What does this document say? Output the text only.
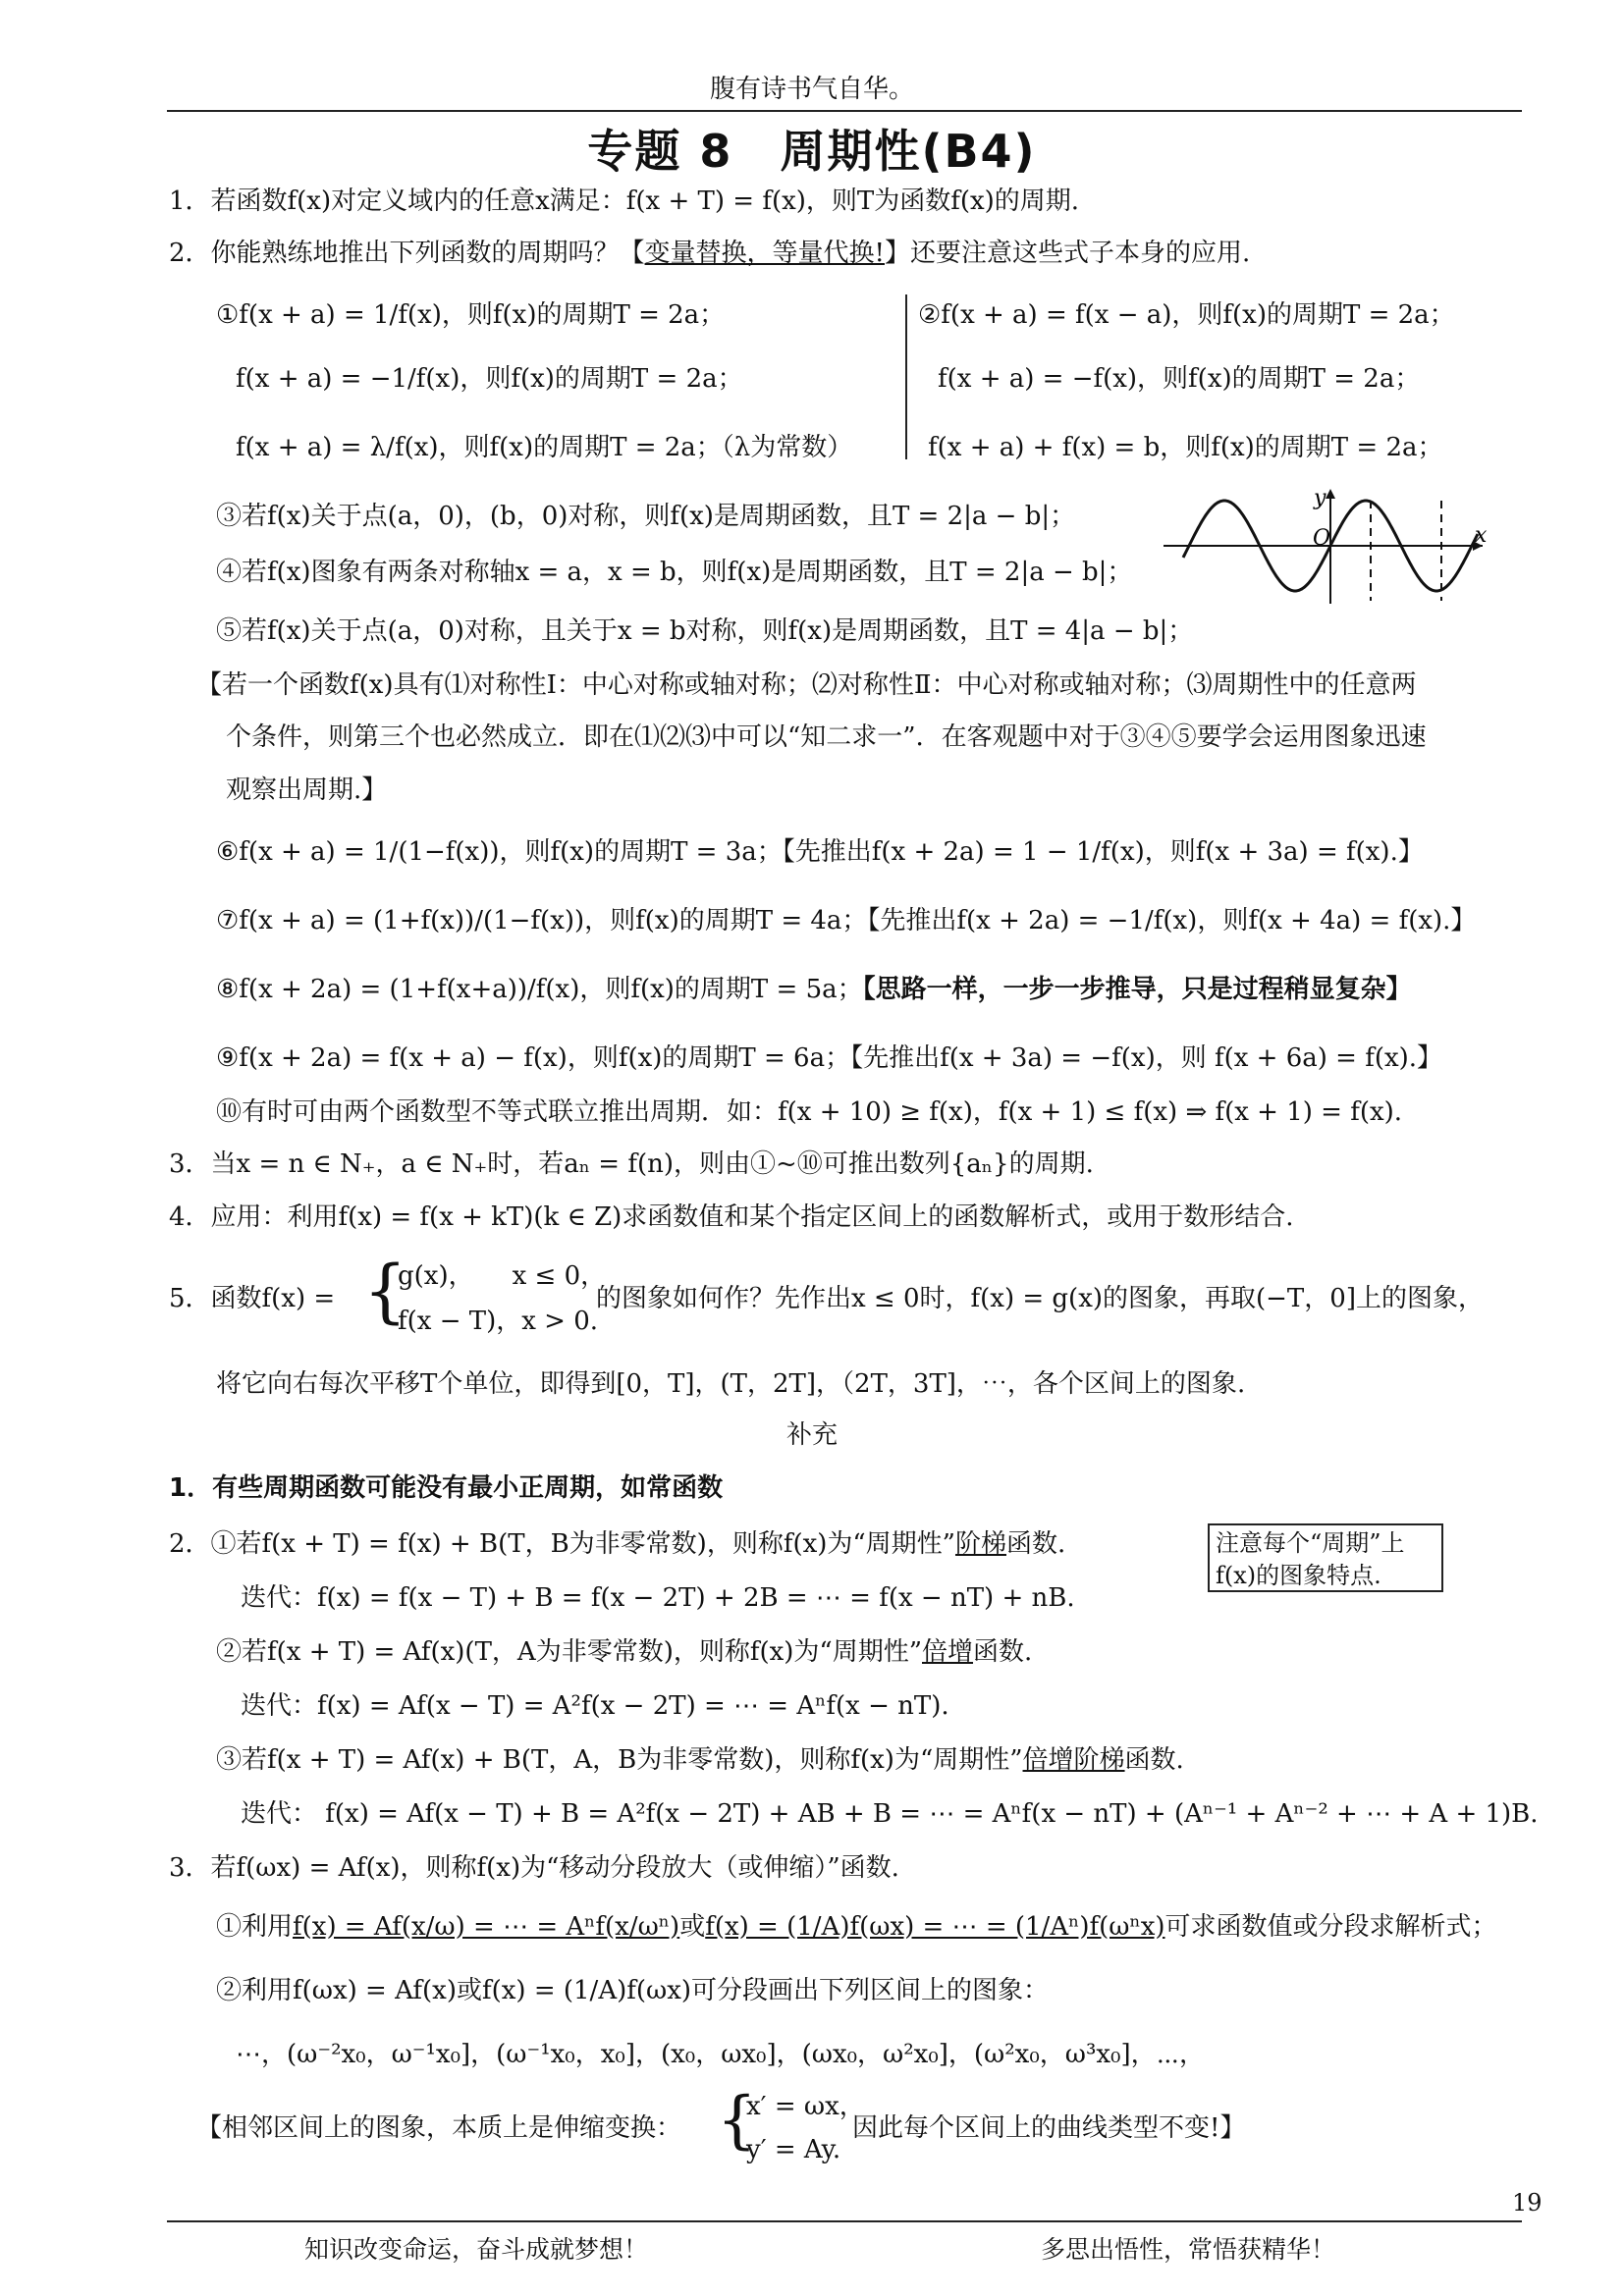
腹有诗书气自华。
专题 8　周期性(B4)
1．若函数f(x)对定义域内的任意x满足：f(x + T) = f(x)，则T为函数f(x)的周期.
2．你能熟练地推出下列函数的周期吗？【变量替换，等量代换!】还要注意这些式子本身的应用.
①f(x + a) = 1/f(x)，则f(x)的周期T = 2a；
f(x + a) = −1/f(x)，则f(x)的周期T = 2a；
f(x + a) = λ/f(x)，则f(x)的周期T = 2a；（λ为常数）
②f(x + a) = f(x − a)，则f(x)的周期T = 2a；
f(x + a) = −f(x)，则f(x)的周期T = 2a；
f(x + a) + f(x) = b，则f(x)的周期T = 2a；
③若f(x)关于点(a，0)，(b，0)对称，则f(x)是周期函数，且T = 2|a − b|；
④若f(x)图象有两条对称轴x = a，x = b，则f(x)是周期函数，且T = 2|a − b|；
⑤若f(x)关于点(a，0)对称，且关于x = b对称，则f(x)是周期函数，且T = 4|a − b|；
y
O	x
【若一个函数f(x)具有⑴对称性Ⅰ：中心对称或轴对称；⑵对称性Ⅱ：中心对称或轴对称；⑶周期性中的任意两
个条件，则第三个也必然成立．即在⑴⑵⑶中可以“知二求一”．在客观题中对于③④⑤要学会运用图象迅速
观察出周期.】
⑥f(x + a) = 1/(1−f(x))，则f(x)的周期T = 3a；【先推出f(x + 2a) = 1 − 1/f(x)，则f(x + 3a) = f(x).】
⑦f(x + a) = (1+f(x))/(1−f(x))，则f(x)的周期T = 4a；【先推出f(x + 2a) = −1/f(x)，则f(x + 4a) = f(x).】
⑧f(x + 2a) = (1+f(x+a))/f(x)，则f(x)的周期T = 5a；【思路一样，一步一步推导，只是过程稍显复杂】
⑨f(x + 2a) = f(x + a) − f(x)，则f(x)的周期T = 6a；【先推出f(x + 3a) = −f(x)，则 f(x + 6a) = f(x).】
⑩有时可由两个函数型不等式联立推出周期．如：f(x + 10) ≥ f(x)，f(x + 1) ≤ f(x) ⇒ f(x + 1) = f(x).
3．当x = n ∈ N₊，a ∈ N₊时，若aₙ = f(n)，则由①~⑩可推出数列{aₙ}的周期.
4．应用：利用f(x) = f(x + kT)(k ∈ Z)求函数值和某个指定区间上的函数解析式，或用于数形结合.
5．函数f(x) = {
g(x)，　　x ≤ 0，
f(x − T)，x > 0.
的图象如何作？先作出x ≤ 0时，f(x) = g(x)的图象，再取(−T，0]上的图象，
将它向右每次平移T个单位，即得到[0，T]，(T，2T]，（2T，3T]，⋯，各个区间上的图象.
补充
1．有些周期函数可能没有最小正周期，如常函数
2．①若f(x + T) = f(x) + B(T，B为非零常数)，则称f(x)为“周期性”阶梯函数.	注意每个“周期”上f(x)的图象特点.
迭代：f(x) = f(x − T) + B = f(x − 2T) + 2B = ⋯ = f(x − nT) + nB.
②若f(x + T) = Af(x)(T，A为非零常数)，则称f(x)为“周期性”倍增函数.
迭代：f(x) = Af(x − T) = A²f(x − 2T) = ⋯ = Aⁿf(x − nT).
③若f(x + T) = Af(x) + B(T，A，B为非零常数)，则称f(x)为“周期性”倍增阶梯函数.
迭代： f(x) = Af(x − T) + B = A²f(x − 2T) + AB + B = ⋯ = Aⁿf(x − nT) + (Aⁿ⁻¹ + Aⁿ⁻² + ⋯ + A + 1)B.
3．若f(ωx) = Af(x)，则称f(x)为“移动分段放大（或伸缩）”函数.
①利用f(x) = Af(x/ω) = ⋯ = Aⁿf(x/ωⁿ)或f(x) = (1/A)f(ωx) = ⋯ = (1/Aⁿ)f(ωⁿx)可求函数值或分段求解析式；
②利用f(ωx) = Af(x)或f(x) = (1/A)f(ωx)可分段画出下列区间上的图象：
⋯，(ω⁻²x₀，ω⁻¹x₀]，(ω⁻¹x₀，x₀]，(x₀，ωx₀]，(ωx₀，ω²x₀]，(ω²x₀，ω³x₀]，⋯，
【相邻区间上的图象，本质上是伸缩变换： {
x′ = ωx，
y′ = Ay.
因此每个区间上的曲线类型不变!】
19
知识改变命运，奋斗成就梦想！	多思出悟性，常悟获精华！
